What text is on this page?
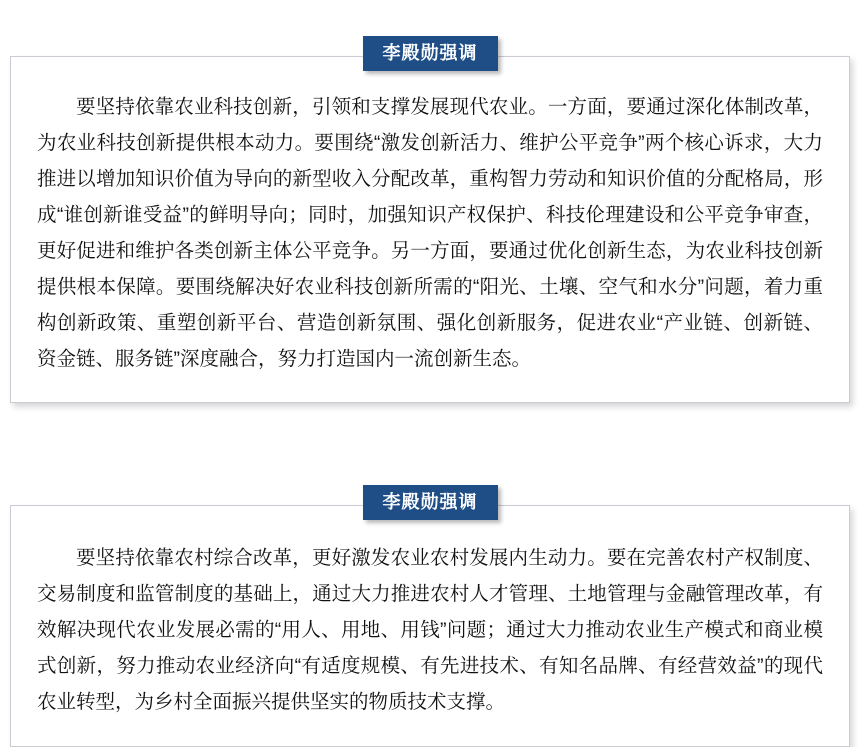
李殿勋强调

要坚持依靠农业科技创新，引领和支撑发展现代农业。一方面，要通过深化体制改革，为农业科技创新提供根本动力。要围绕“激发创新活力、维护公平竞争”两个核心诉求，大力推进以增加知识价值为导向的新型收入分配改革，重构智力劳动和知识价值的分配格局，形成“谁创新谁受益”的鲜明导向；同时，加强知识产权保护、科技伦理建设和公平竞争审查，更好促进和维护各类创新主体公平竞争。另一方面，要通过优化创新生态，为农业科技创新提供根本保障。要围绕解决好农业科技创新所需的“阳光、土壤、空气和水分”问题，着力重构创新政策、重塑创新平台、营造创新氛围、强化创新服务，促进农业“产业链、创新链、资金链、服务链”深度融合，努力打造国内一流创新生态。

李殿勋强调

要坚持依靠农村综合改革，更好激发农业农村发展内生动力。要在完善农村产权制度、交易制度和监管制度的基础上，通过大力推进农村人才管理、土地管理与金融管理改革，有效解决现代农业发展必需的“用人、用地、用钱”问题；通过大力推动农业生产模式和商业模式创新，努力推动农业经济向“有适度规模、有先进技术、有知名品牌、有经营效益”的现代农业转型，为乡村全面振兴提供坚实的物质技术支撑。
